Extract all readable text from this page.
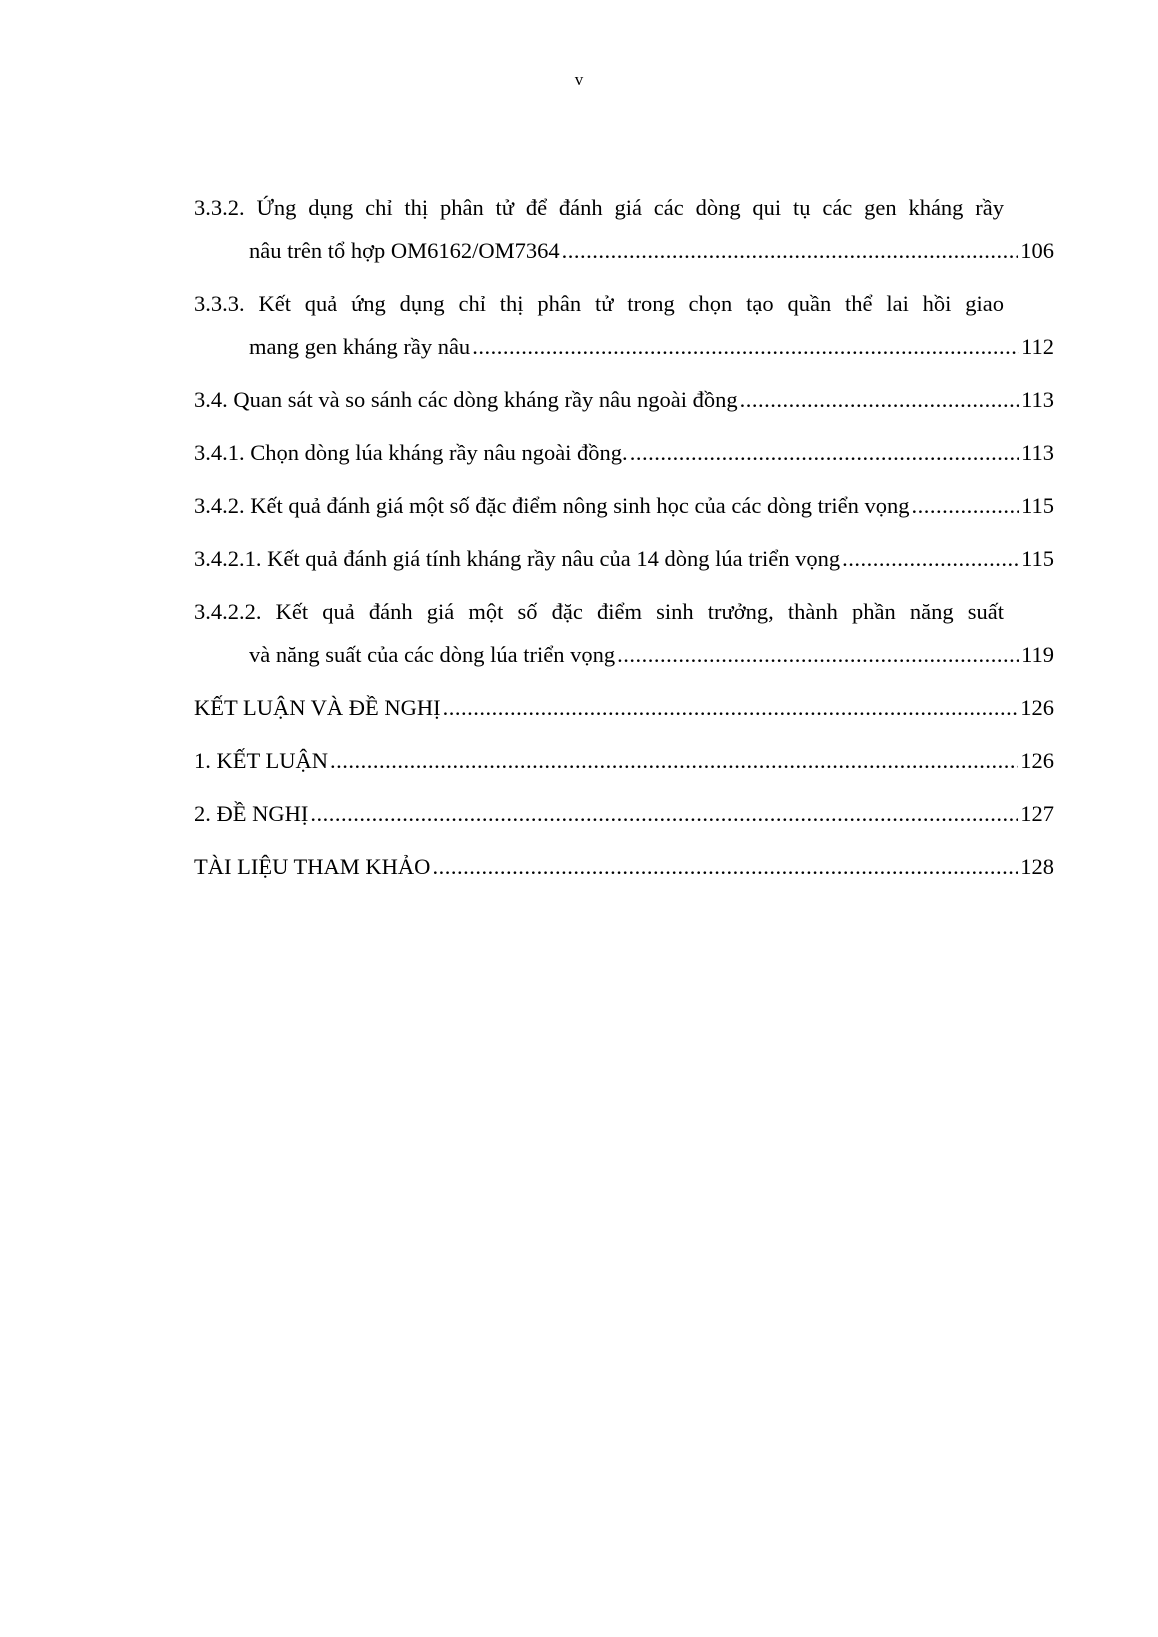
v
3.3.2. Ứng dụng chỉ thị phân tử để đánh giá các dòng qui tụ các gen kháng rầy
nâu trên tổ hợp OM6162/OM7364 .....	106
3.3.3. Kết quả ứng dụng chỉ thị phân tử trong chọn tạo quần thể lai hồi giao
mang gen kháng rầy nâu .....	112
3.4. Quan sát và so sánh các dòng kháng rầy nâu ngoài đồng .....	113
3.4.1. Chọn dòng lúa kháng rầy nâu ngoài đồng. .....	113
3.4.2. Kết quả đánh giá một số đặc điểm nông sinh học của các dòng triển vọng .....	115
3.4.2.1. Kết quả đánh giá tính kháng rầy nâu của 14 dòng lúa triển vọng .....	115
3.4.2.2. Kết quả đánh giá một số đặc điểm sinh trưởng, thành phần năng suất
và năng suất của các dòng lúa triển vọng .....	119
KẾT LUẬN VÀ ĐỀ NGHỊ .....	126
1. KẾT LUẬN .....	126
2. ĐỀ NGHỊ .....	127
TÀI LIỆU THAM KHẢO .....	128
